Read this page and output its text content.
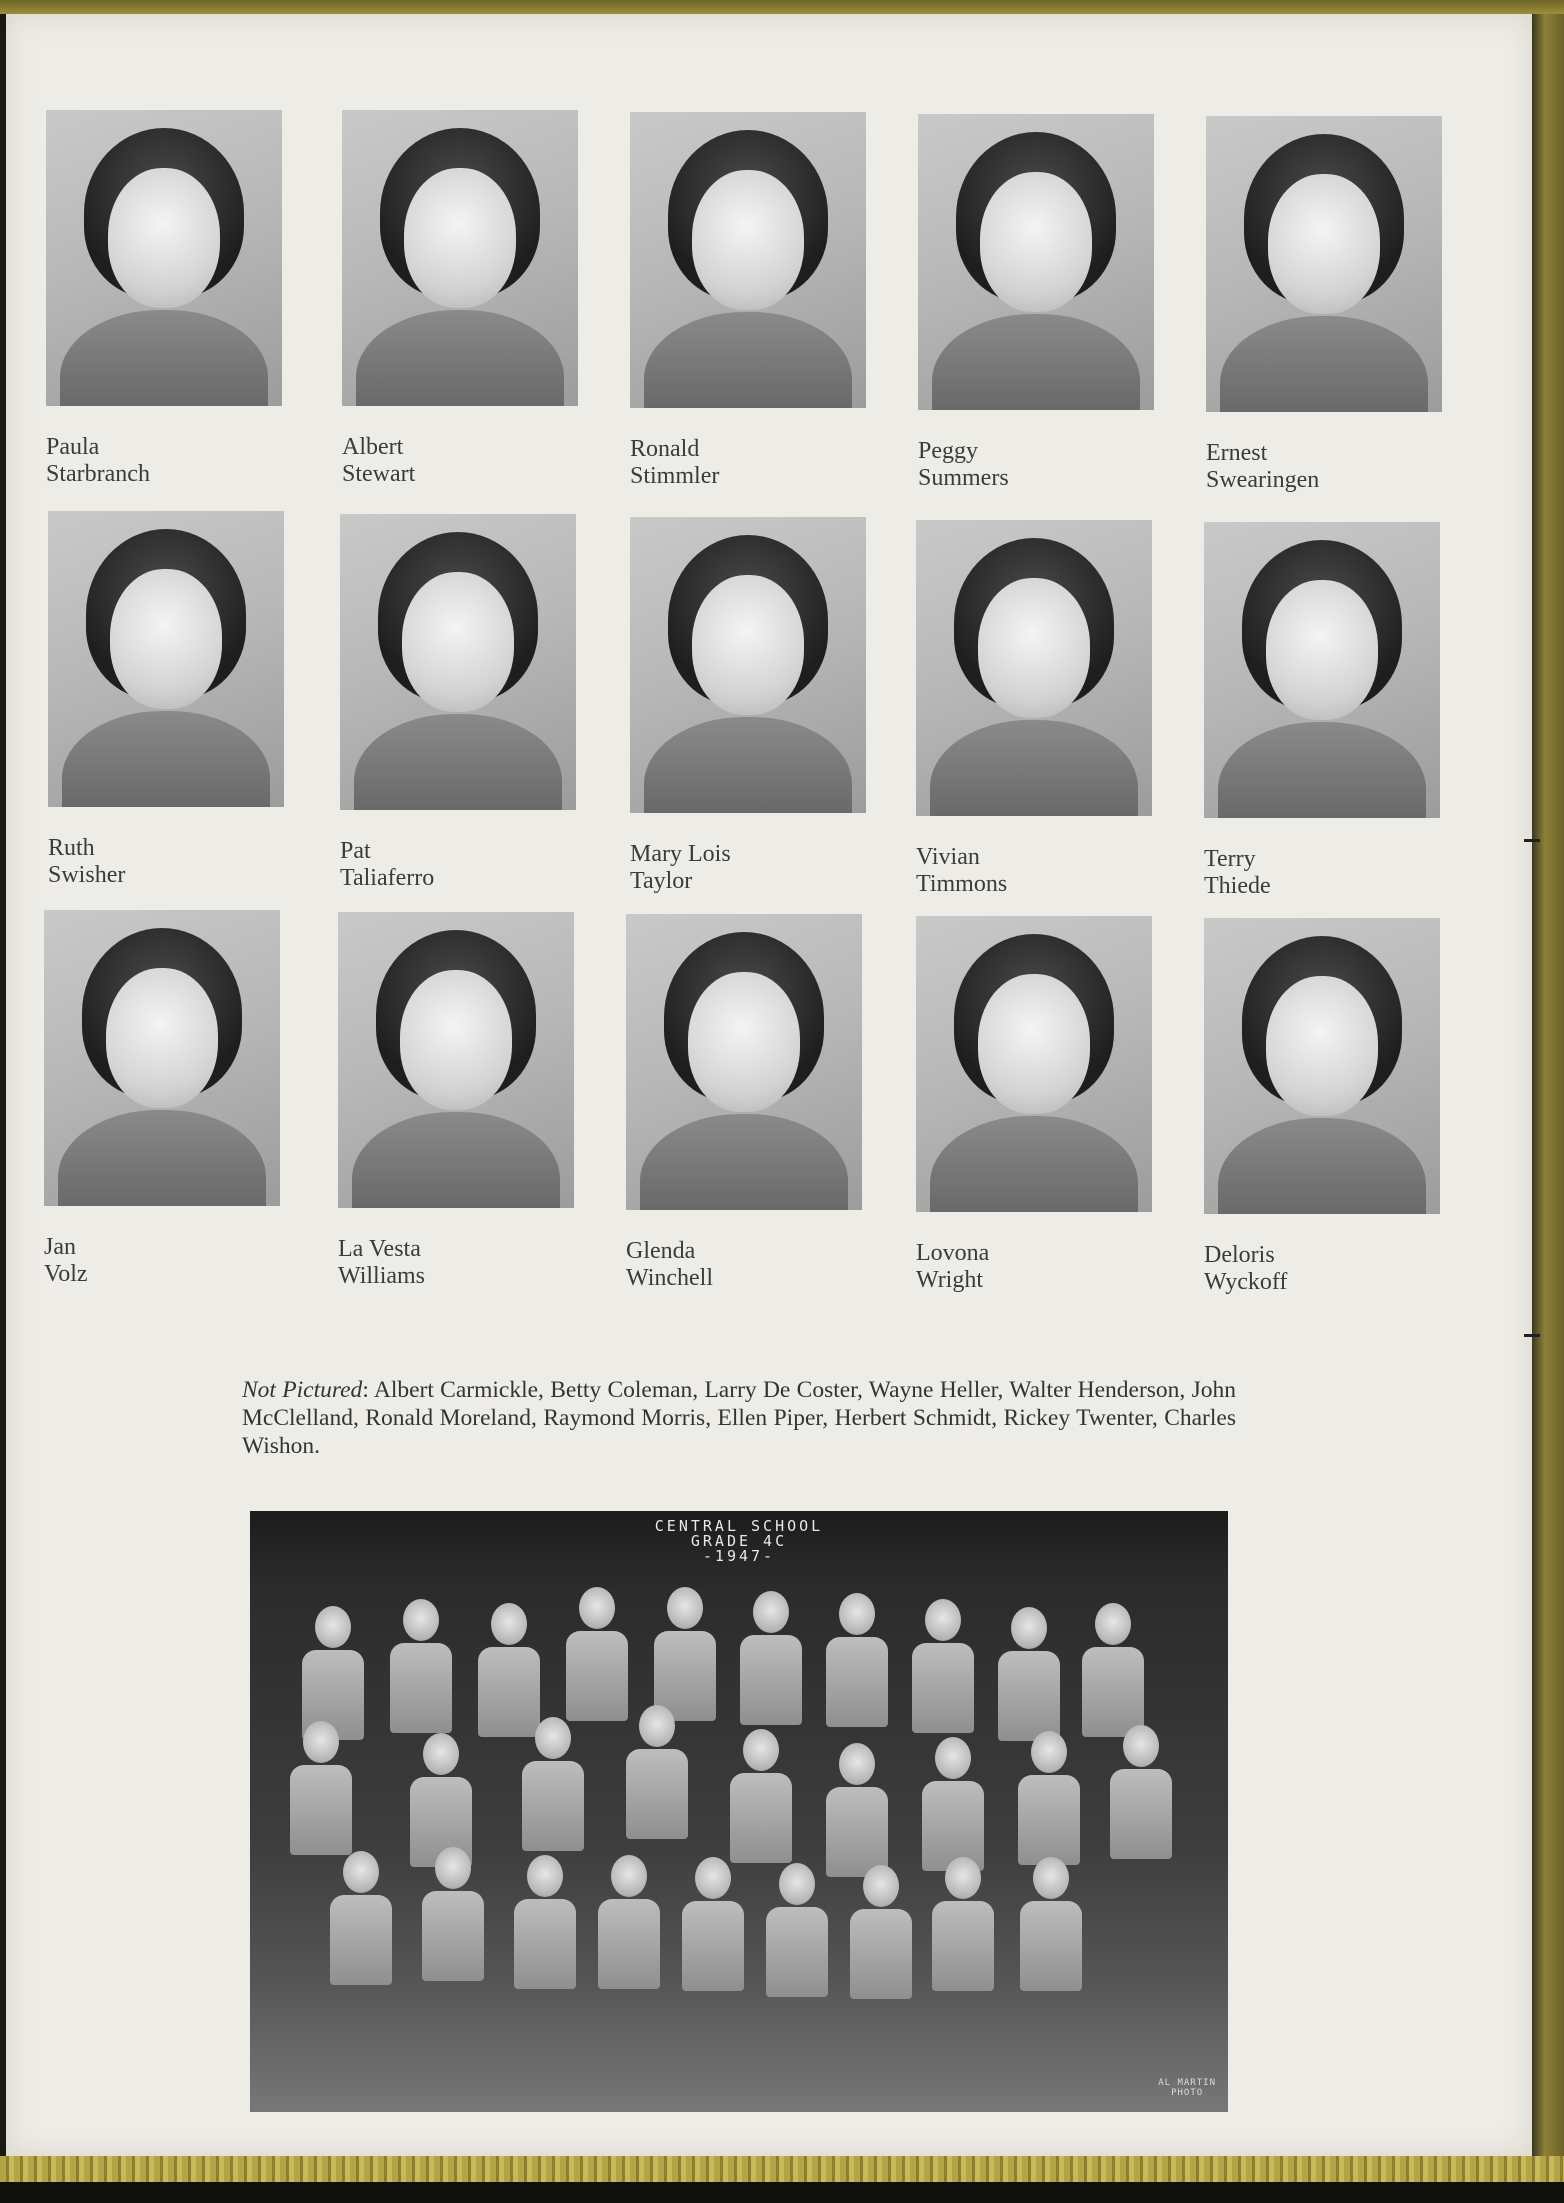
Paula
Starbranch
Albert
Stewart
Ronald
Stimmler
Peggy
Summers
Ernest
Swearingen
Ruth
Swisher
Pat
Taliaferro
Mary Lois
Taylor
Vivian
Timmons
Terry
Thiede
Jan
Volz
La Vesta
Williams
Glenda
Winchell
Lovona
Wright
Deloris
Wyckoff
Not Pictured: Albert Carmickle, Betty Coleman, Larry De Coster, Wayne Heller, Walter Henderson, John McClelland, Ronald Moreland, Raymond Morris, Ellen Piper, Herbert Schmidt, Rickey Twenter, Charles Wishon.
CENTRAL SCHOOL
GRADE 4C
-1947-
AL MARTIN
PHOTO
